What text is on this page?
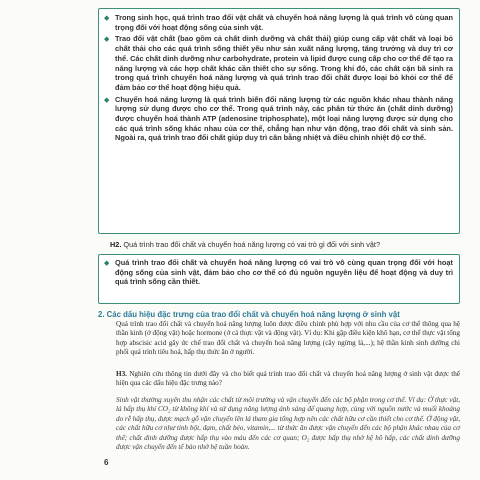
◆ Trong sinh học, quá trình trao đổi vật chất và chuyển hoá năng lượng là quá trình vô cùng quan trọng đối với hoạt động sống của sinh vật.
◆ Trao đổi vật chất (bao gồm cả chất dinh dưỡng và chất thải) giúp cung cấp vật chất và loại bỏ chất thải cho các quá trình sống thiết yếu như sản xuất năng lượng, tăng trưởng và duy trì cơ thể. Các chất dinh dưỡng như carbohydrate, protein và lipid được cung cấp cho cơ thể để tạo ra năng lượng và các hợp chất khác cần thiết cho sự sống. Trong khi đó, các chất cặn bã sinh ra trong quá trình chuyển hoá năng lượng và quá trình trao đổi chất được loại bỏ khỏi cơ thể để đảm bảo cơ thể hoạt động hiệu quả.
◆ Chuyển hoá năng lượng là quá trình biến đổi năng lượng từ các nguồn khác nhau thành năng lượng sử dụng được cho cơ thể. Trong quá trình này, các phân tử thức ăn (chất dinh dưỡng) được chuyển hoá thành ATP (adenosine triphosphate), một loại năng lượng được sử dụng cho các quá trình sống khác nhau của cơ thể, chẳng hạn như vận động, trao đổi chất và sinh sản. Ngoài ra, quá trình trao đổi chất giúp duy trì cân bằng nhiệt và điều chỉnh nhiệt độ cơ thể.
H2. Quá trình trao đổi chất và chuyển hoá năng lượng có vai trò gì đối với sinh vật?
◆ Quá trình trao đổi chất và chuyển hoá năng lượng có vai trò vô cùng quan trọng đối với hoạt động sống của sinh vật, đảm bảo cho cơ thể có đủ nguồn nguyên liệu để hoạt động và duy trì quá trình sống cần thiết.
2. Các dấu hiệu đặc trưng của trao đổi chất và chuyển hoá năng lượng ở sinh vật
Quá trình trao đổi chất và chuyển hoá năng lượng luôn được điều chỉnh phù hợp với nhu cầu của cơ thể thông qua hệ thần kinh (ở động vật) hoặc hormone (ở cả thực vật và động vật). Ví dụ: Khi gặp điều kiện khô hạn, cơ thể thực vật tổng hợp abscisic acid gây ức chế trao đổi chất và chuyển hoá năng lượng (cây ngừng lá,...); hệ thần kinh sinh dưỡng chi phối quá trình tiêu hoá, hấp thụ thức ăn ở người.
H3. Nghiên cứu thông tin dưới đây và cho biết quá trình trao đổi chất và chuyển hoá năng lượng ở sinh vật được thể hiện qua các dấu hiệu đặc trưng nào?
Sinh vật thường xuyên thu nhận các chất từ môi trường và vận chuyển đến các bộ phận trong cơ thể. Ví dụ: Ở thực vật, lá hấp thụ khí CO₂ từ không khí và sử dụng năng lượng ánh sáng để quang hợp, cùng với nguồn nước và muối khoáng do rễ hấp thụ, được mạch gỗ vận chuyển lên lá tham gia tổng hợp nên các chất hữu cơ cần thiết cho cơ thể. Ở động vật, các chất hữu cơ như tinh bột, đạm, chất béo, vitamin,... từ thức ăn được vận chuyển đến các bộ phận khác nhau của cơ thể; chất dinh dưỡng được hấp thụ vào máu đến các cơ quan; O₂ được hấp thụ nhờ hệ hô hấp, các chất dinh dưỡng được vận chuyển đến tế bào nhờ hệ tuần hoàn.
6
